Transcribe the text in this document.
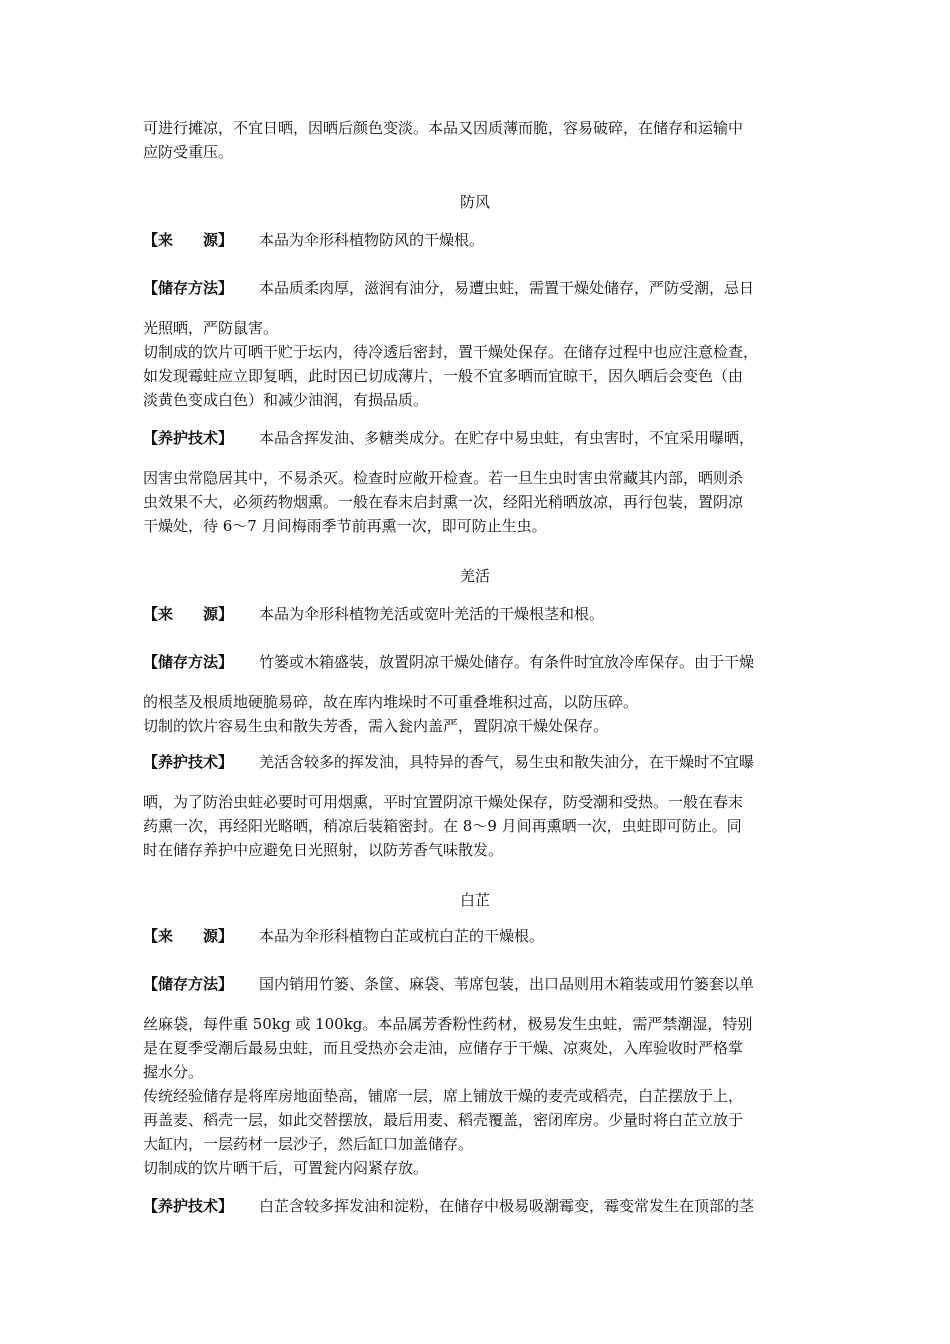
可进行摊凉，不宜日晒，因晒后颜色变淡。本品又因质薄而脆，容易破碎，在储存和运输中

应防受重压。

防风

【来　　源】 本品为伞形科植物防风的干燥根。

【储存方法】 本品质柔肉厚，滋润有油分，易遭虫蛀，需置干燥处储存，严防受潮，忌日

光照晒，严防鼠害。

切制成的饮片可晒干贮于坛内，待冷透后密封，置干燥处保存。在储存过程中也应注意检查，

如发现霉蛀应立即复晒，此时因已切成薄片，一般不宜多晒而宜晾干，因久晒后会变色（由

淡黄色变成白色）和减少油润，有损品质。

【养护技术】 本品含挥发油、多糖类成分。在贮存中易虫蛀，有虫害时，不宜采用曝晒，

因害虫常隐居其中，不易杀灭。检查时应敞开检查。若一旦生虫时害虫常藏其内部，晒则杀

虫效果不大，必须药物烟熏。一般在春末启封熏一次，经阳光稍晒放凉，再行包装，置阴凉

干燥处，待 6～7 月间梅雨季节前再熏一次，即可防止生虫。

羌活

【来　　源】 本品为伞形科植物羌活或宽叶羌活的干燥根茎和根。

【储存方法】 竹篓或木箱盛装，放置阴凉干燥处储存。有条件时宜放冷库保存。由于干燥

的根茎及根质地硬脆易碎，故在库内堆垛时不可重叠堆积过高，以防压碎。

切制的饮片容易生虫和散失芳香，需入瓮内盖严，置阴凉干燥处保存。

【养护技术】 羌活含较多的挥发油，具特异的香气，易生虫和散失油分，在干燥时不宜曝

晒，为了防治虫蛀必要时可用烟熏，平时宜置阴凉干燥处保存，防受潮和受热。一般在春末

药熏一次，再经阳光略晒，稍凉后装箱密封。在 8～9 月间再熏晒一次，虫蛀即可防止。同

时在储存养护中应避免日光照射，以防芳香气味散发。

白芷

【来　　源】 本品为伞形科植物白芷或杭白芷的干燥根。

【储存方法】 国内销用竹篓、条筐、麻袋、苇席包装，出口品则用木箱装或用竹篓套以单

丝麻袋，每件重 50kg 或 100kg。本品属芳香粉性药材，极易发生虫蛀，需严禁潮湿，特别

是在夏季受潮后最易虫蛀，而且受热亦会走油，应储存于干燥、凉爽处，入库验收时严格掌

握水分。

传统经验储存是将库房地面垫高，铺席一层，席上铺放干燥的麦壳或稻壳，白芷摆放于上，

再盖麦、稻壳一层，如此交替摆放，最后用麦、稻壳覆盖，密闭库房。少量时将白芷立放于

大缸内，一层药材一层沙子，然后缸口加盖储存。

切制成的饮片晒干后，可置瓮内闷紧存放。

【养护技术】 白芷含较多挥发油和淀粉，在储存中极易吸潮霉变，霉变常发生在顶部的茎
